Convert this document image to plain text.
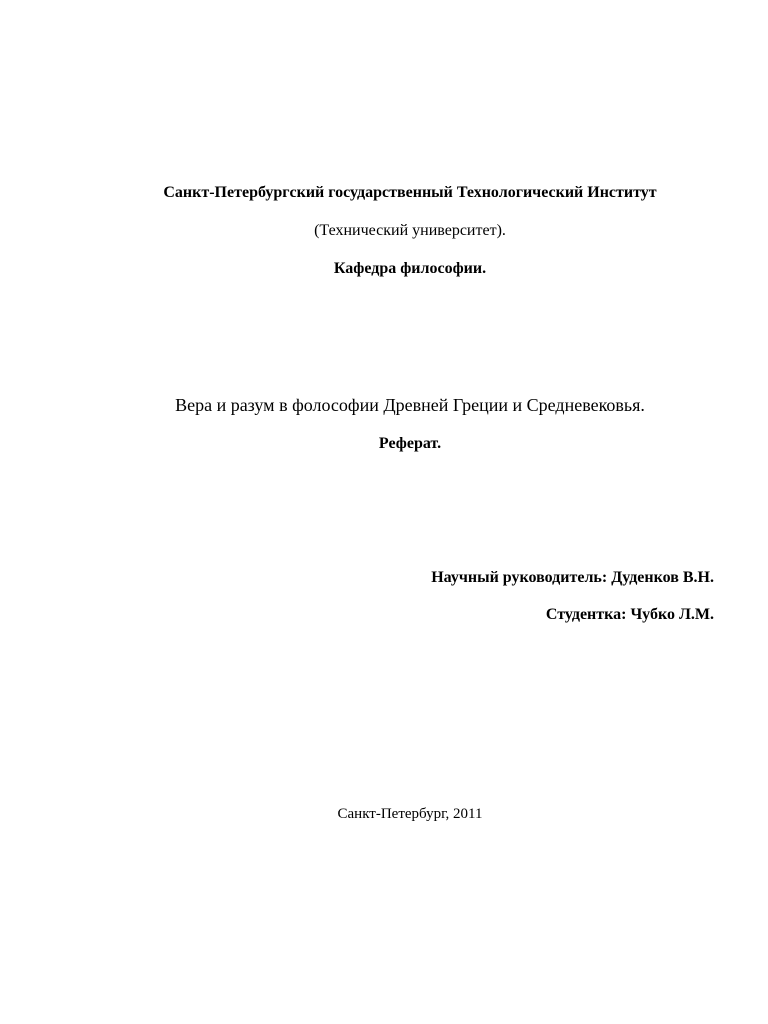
Санкт-Петербургский государственный Технологический Институт
(Технический университет).
Кафедра философии.
Вера и разум в фолософии Древней Греции и Средневековья.
Реферат.
Научный руководитель: Дуденков В.Н.
Студентка: Чубко Л.М.
Санкт-Петербург, 2011
